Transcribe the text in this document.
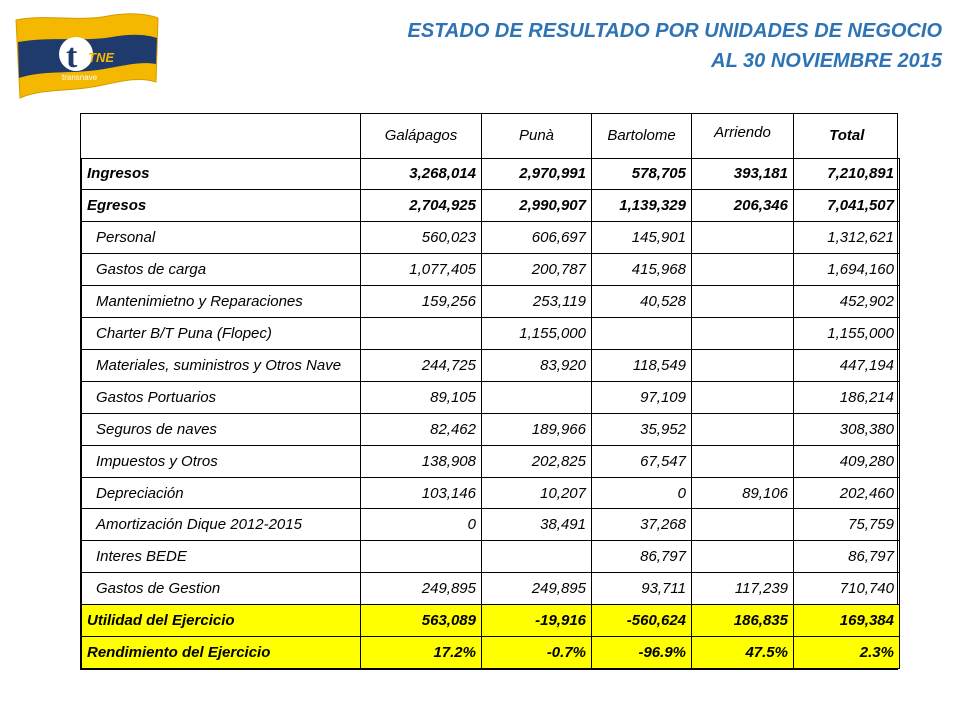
t TNE
transnave
ESTADO DE RESULTADO POR UNIDADES DE NEGOCIO
AL 30 NOVIEMBRE 2015
	Galápagos	Punà	Bartolome	Arriendo	Total
Ingresos	3,268,014	2,970,991	578,705	393,181	7,210,891
Egresos	2,704,925	2,990,907	1,139,329	206,346	7,041,507
Personal	560,023	606,697	145,901		1,312,621
Gastos de carga	1,077,405	200,787	415,968		1,694,160
Mantenimietno y Reparaciones	159,256	253,119	40,528		452,902
Charter B/T Puna (Flopec)		1,155,000			1,155,000
Materiales, suministros y Otros Nave	244,725	83,920	118,549		447,194
Gastos Portuarios	89,105		97,109		186,214
Seguros de naves	82,462	189,966	35,952		308,380
Impuestos y Otros	138,908	202,825	67,547		409,280
Depreciación	103,146	10,207	0	89,106	202,460
Amortización Dique 2012-2015	0	38,491	37,268		75,759
Interes BEDE			86,797		86,797
Gastos de Gestion	249,895	249,895	93,711	117,239	710,740
Utilidad del Ejercicio	563,089	-19,916	-560,624	186,835	169,384
Rendimiento del Ejercicio	17.2%	-0.7%	-96.9%	47.5%	2.3%
